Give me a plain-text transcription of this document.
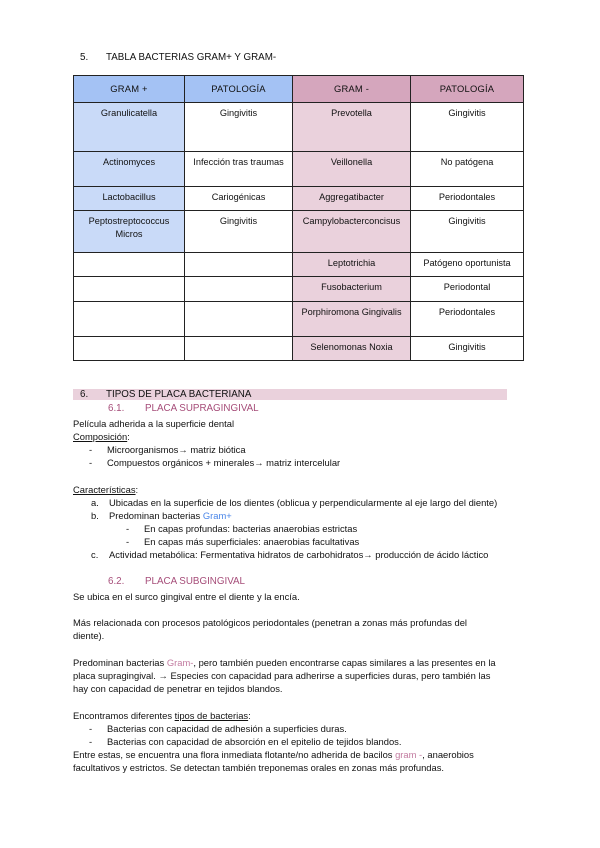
5. TABLA BACTERIAS GRAM+ Y GRAM-
GRAM +	PATOLOGÍA	GRAM -	PATOLOGÍA
Granulicatella	Gingivitis	Prevotella	Gingivitis
Actinomyces	Infección tras traumas	Veillonella	No patógena
Lactobacillus	Cariogénicas	Aggregatibacter	Periodontales
Peptostreptococcus Micros	Gingivitis	Campylobacterconcisus	Gingivitis
		Leptotrichia	Patógeno oportunista
		Fusobacterium	Periodontal
		Porphiromona Gingivalis	Periodontales
		Selenomonas Noxia	Gingivitis
6. TIPOS DE PLACA BACTERIANA
6.1. PLACA SUPRAGINGIVAL
Película adherida a la superficie dental
Composición:
- Microorganismos→ matriz biótica
- Compuestos orgánicos + minerales→ matriz intercelular
Características:
a. Ubicadas en la superficie de los dientes (oblicua y perpendicularmente al eje largo del diente)
b. Predominan bacterias Gram+
- En capas profundas: bacterias anaerobias estrictas
- En capas más superficiales: anaerobias facultativas
c. Actividad metabólica: Fermentativa hidratos de carbohidratos→ producción de ácido láctico
6.2. PLACA SUBGINGIVAL
Se ubica en el surco gingival entre el diente y la encía.
Más relacionada con procesos patológicos periodontales (penetran a zonas más profundas del
diente).
Predominan bacterias Gram-, pero también pueden encontrarse capas similares a las presentes en la
placa supragingival. → Especies con capacidad para adherirse a superficies duras, pero también las
hay con capacidad de penetrar en tejidos blandos.
Encontramos diferentes tipos de bacterias:
- Bacterias con capacidad de adhesión a superficies duras.
- Bacterias con capacidad de absorción en el epitelio de tejidos blandos.
Entre estas, se encuentra una flora inmediata flotante/no adherida de bacilos gram -, anaerobios
facultativos y estrictos. Se detectan también treponemas orales en zonas más profundas.
